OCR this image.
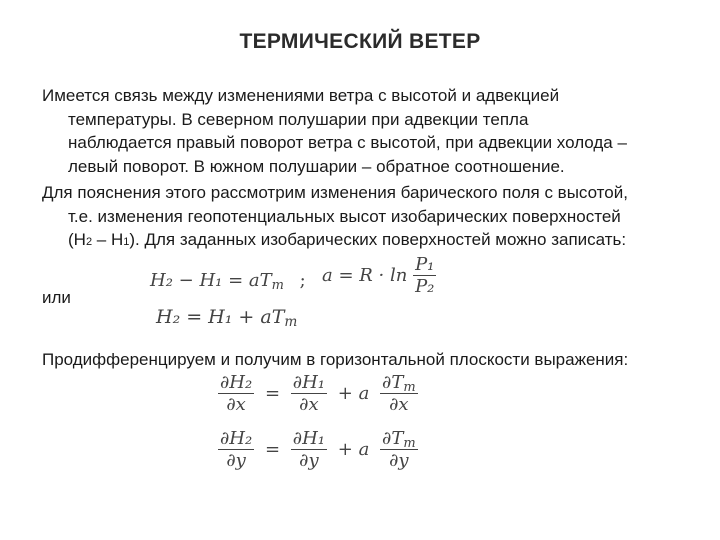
ТЕРМИЧЕСКИЙ ВЕТЕР
Имеется связь между изменениями ветра с высотой и адвекцией
температуры. В северном полушарии при адвекции тепла
наблюдается правый поворот ветра с высотой, при адвекции холода –
левый поворот. В южном полушарии – обратное соотношение.
Для пояснения этого рассмотрим изменения барического поля с высотой,
т.е. изменения геопотенциальных высот изобарических поверхностей
(H2 – H1). Для заданных изобарических поверхностей можно записать:
H₂ − H₁ = aTm ; $a = R \cdot \ln \frac{\text{P₁}}{\text{P₂}}$
или
H₂ = H₁ + aTm
Продифференцируем и получим в горизонтальной плоскости выражения:
$\frac{\text{∂H₂}}{\partial x} = \frac{\text{∂H₁}}{\partial x} + a \frac{\partial Tm}{\partial x}$
$\frac{\text{∂H₂}}{\partial y} = \frac{\text{∂H₁}}{\partial y} + a \frac{\partial Tm}{\partial y}$
